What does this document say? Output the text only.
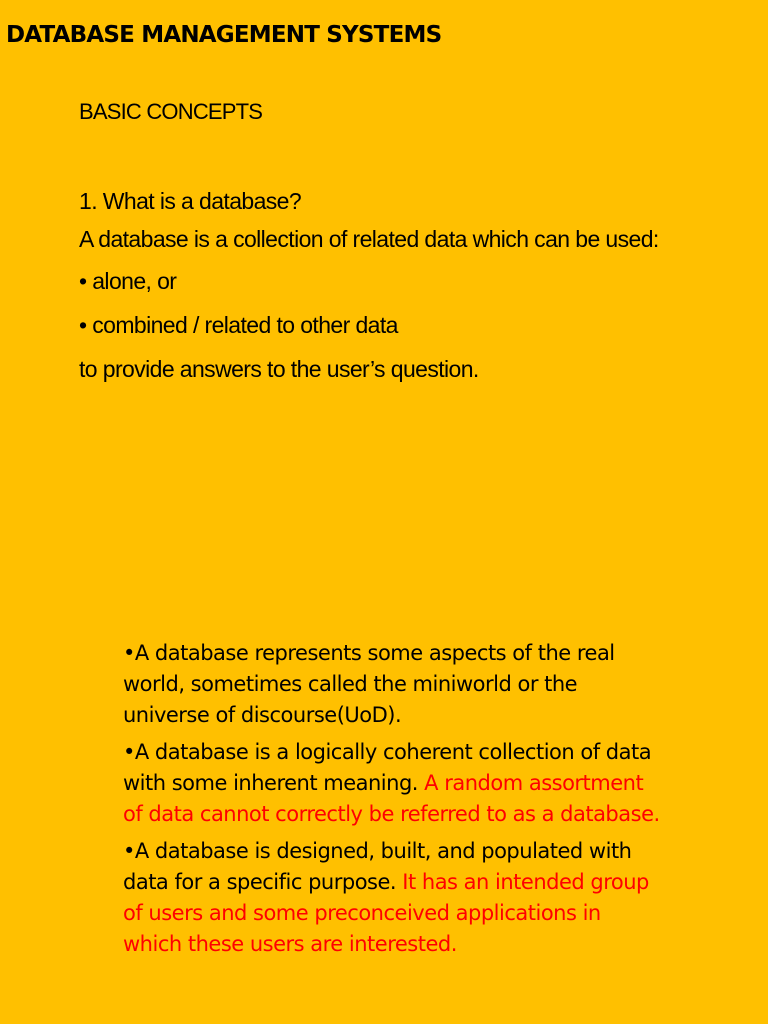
DATABASE MANAGEMENT SYSTEMS
BASIC CONCEPTS

1. What is a database?

A database is a collection of related data which can be used:

• alone, or

• combined / related to other data

to provide answers to the user’s question.

•A database represents some aspects of the real world, sometimes called the miniworld or the universe of discourse(UoD).

•A database is a logically coherent collection of data with some inherent meaning. A random assortment of data cannot correctly be referred to as a database.

•A database is designed, built, and populated with data for a specific purpose. It has an intended group of users and some preconceived applications in which these users are interested.
